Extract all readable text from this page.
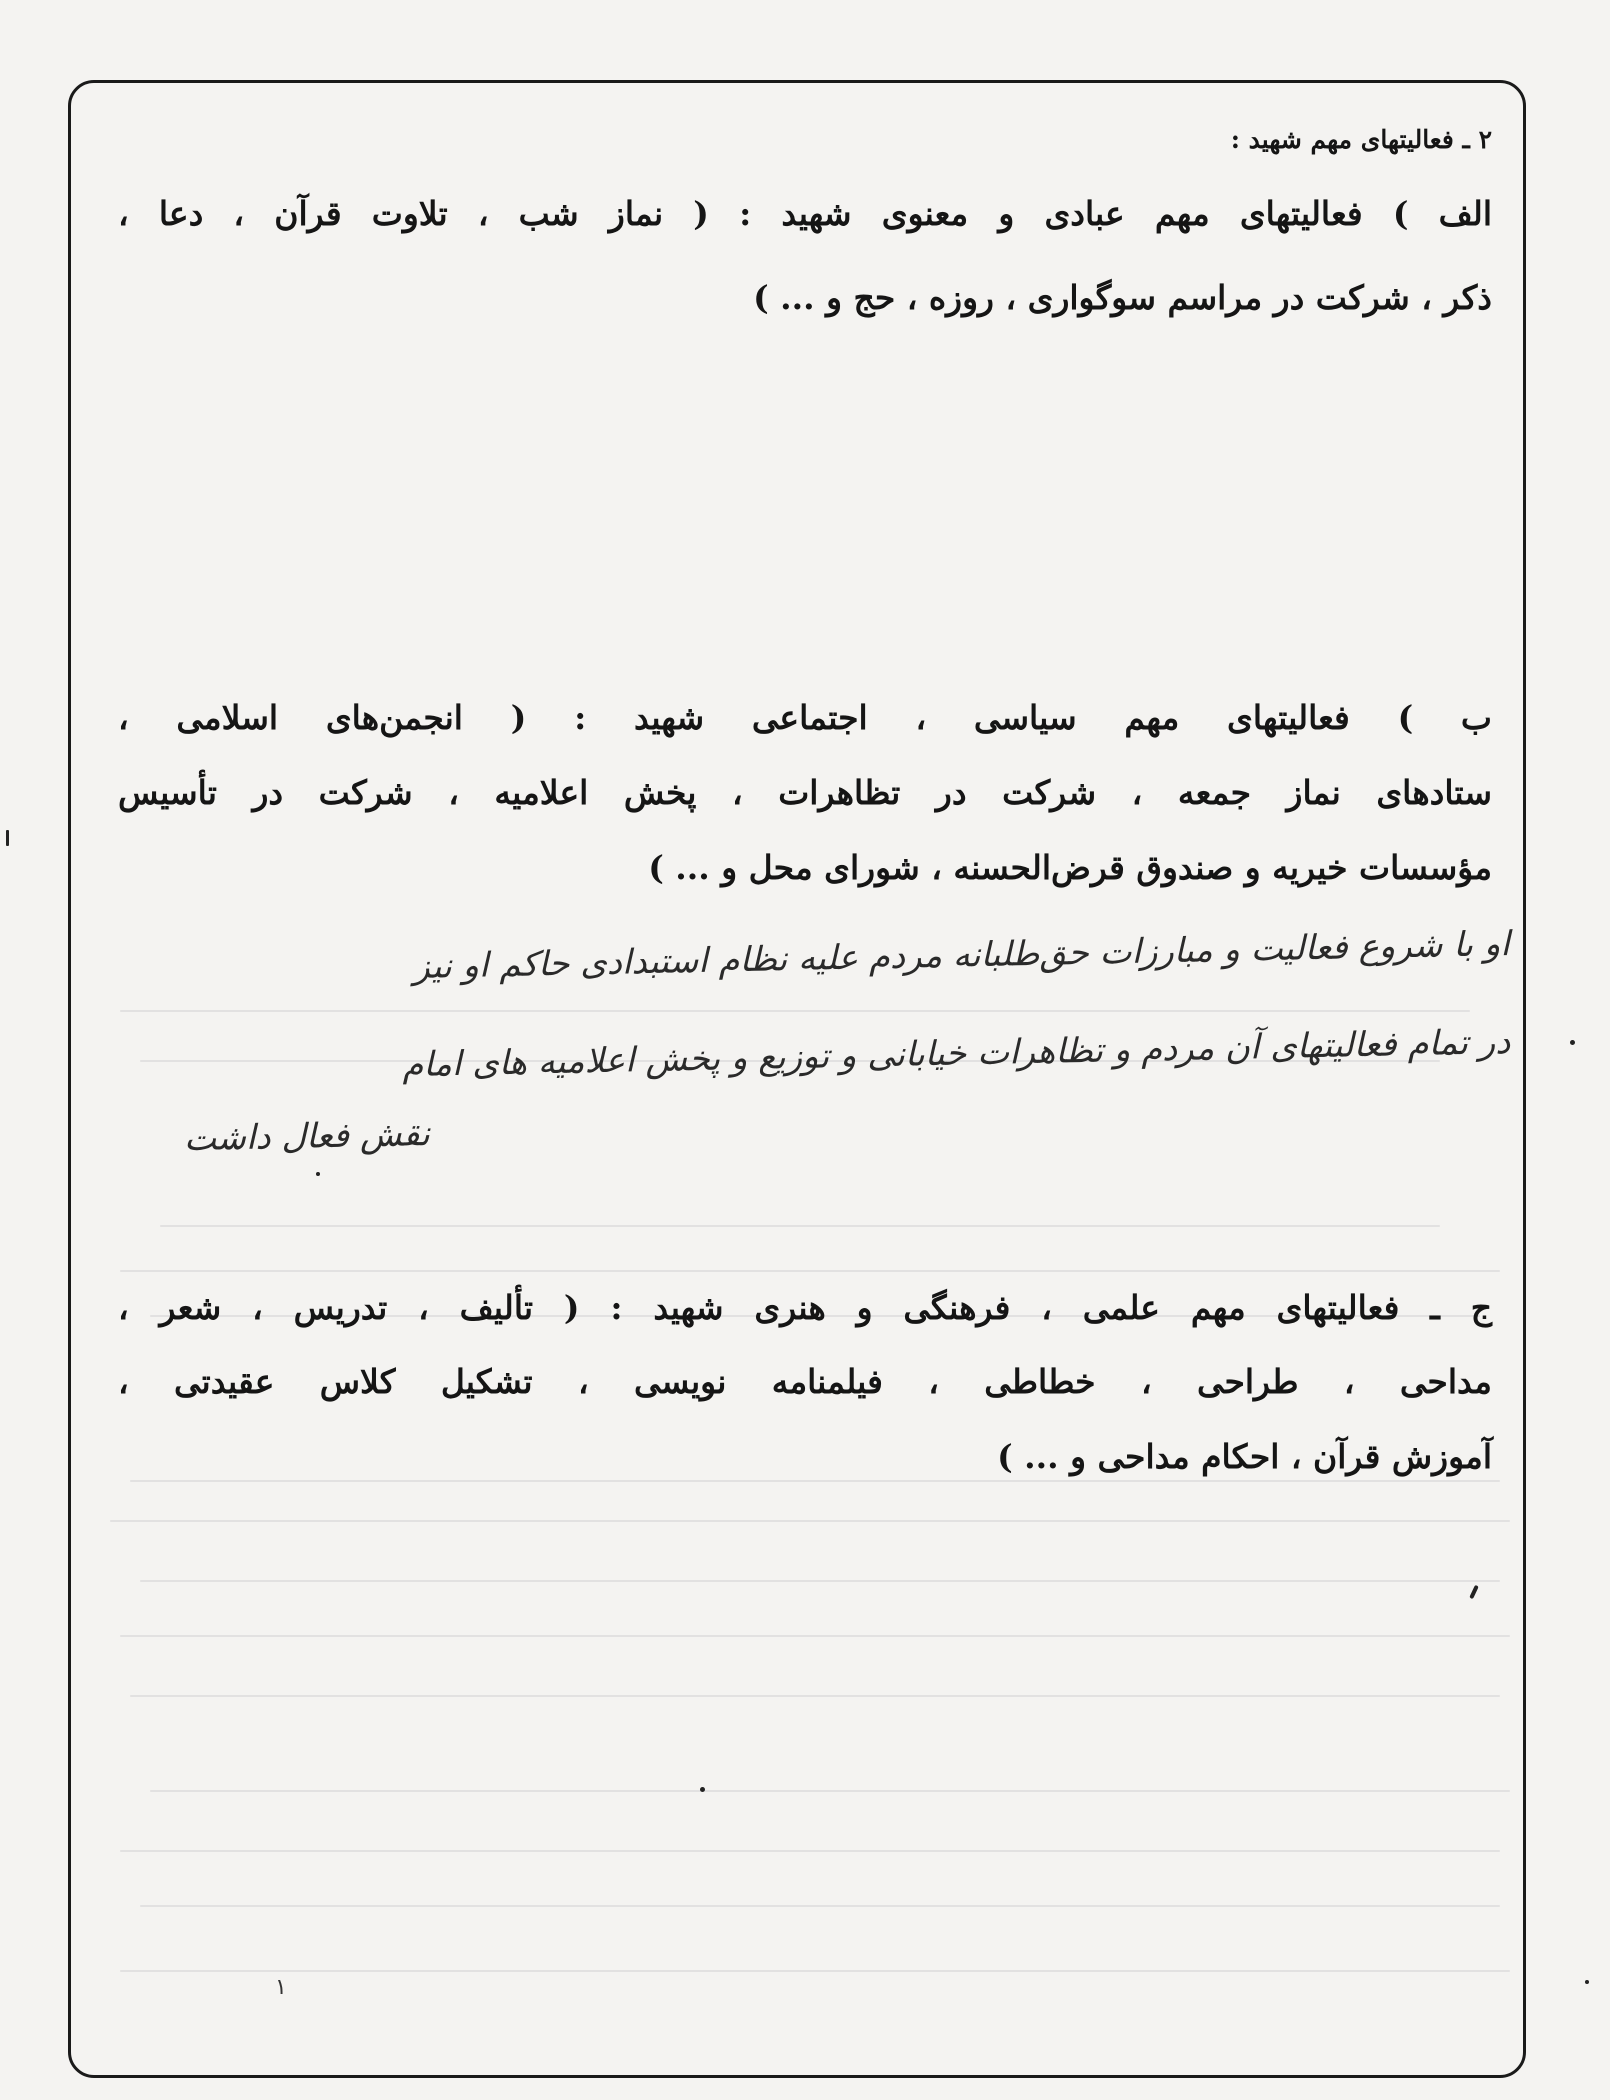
۲ ـ فعالیتهای مهم شهید :
الف ) فعالیتهای مهم عبادی و معنوی شهید : ( نماز شب ، تلاوت قرآن ، دعا ،
ذکر ، شرکت در مراسم سوگواری ، روزه ، حج و ... )
ب ) فعالیتهای مهم سیاسی ، اجتماعی شهید : ( انجمن‌های اسلامی ،
ستادهای نماز جمعه ، شرکت در تظاهرات ، پخش اعلامیه ، شرکت در تأسیس
مؤسسات خیریه و صندوق قرض‌الحسنه ، شورای محل و ... )
او با شروع فعالیت و مبارزات حق‌طلبانه مردم علیه نظام استبدادی حاکم او نیز
در تمام فعالیتهای آن مردم و تظاهرات خیابانی و توزیع و پخش اعلامیه های امام
نقش فعال داشت
ج ـ فعالیتهای مهم علمی ، فرهنگی و هنری شهید : ( تألیف ، تدریس ، شعر ،
مداحی ، طراحی ، خطاطی ، فیلمنامه نویسی ، تشکیل کلاس عقیدتی ،
آموزش قرآن ، احکام مداحی و ... )
۱
